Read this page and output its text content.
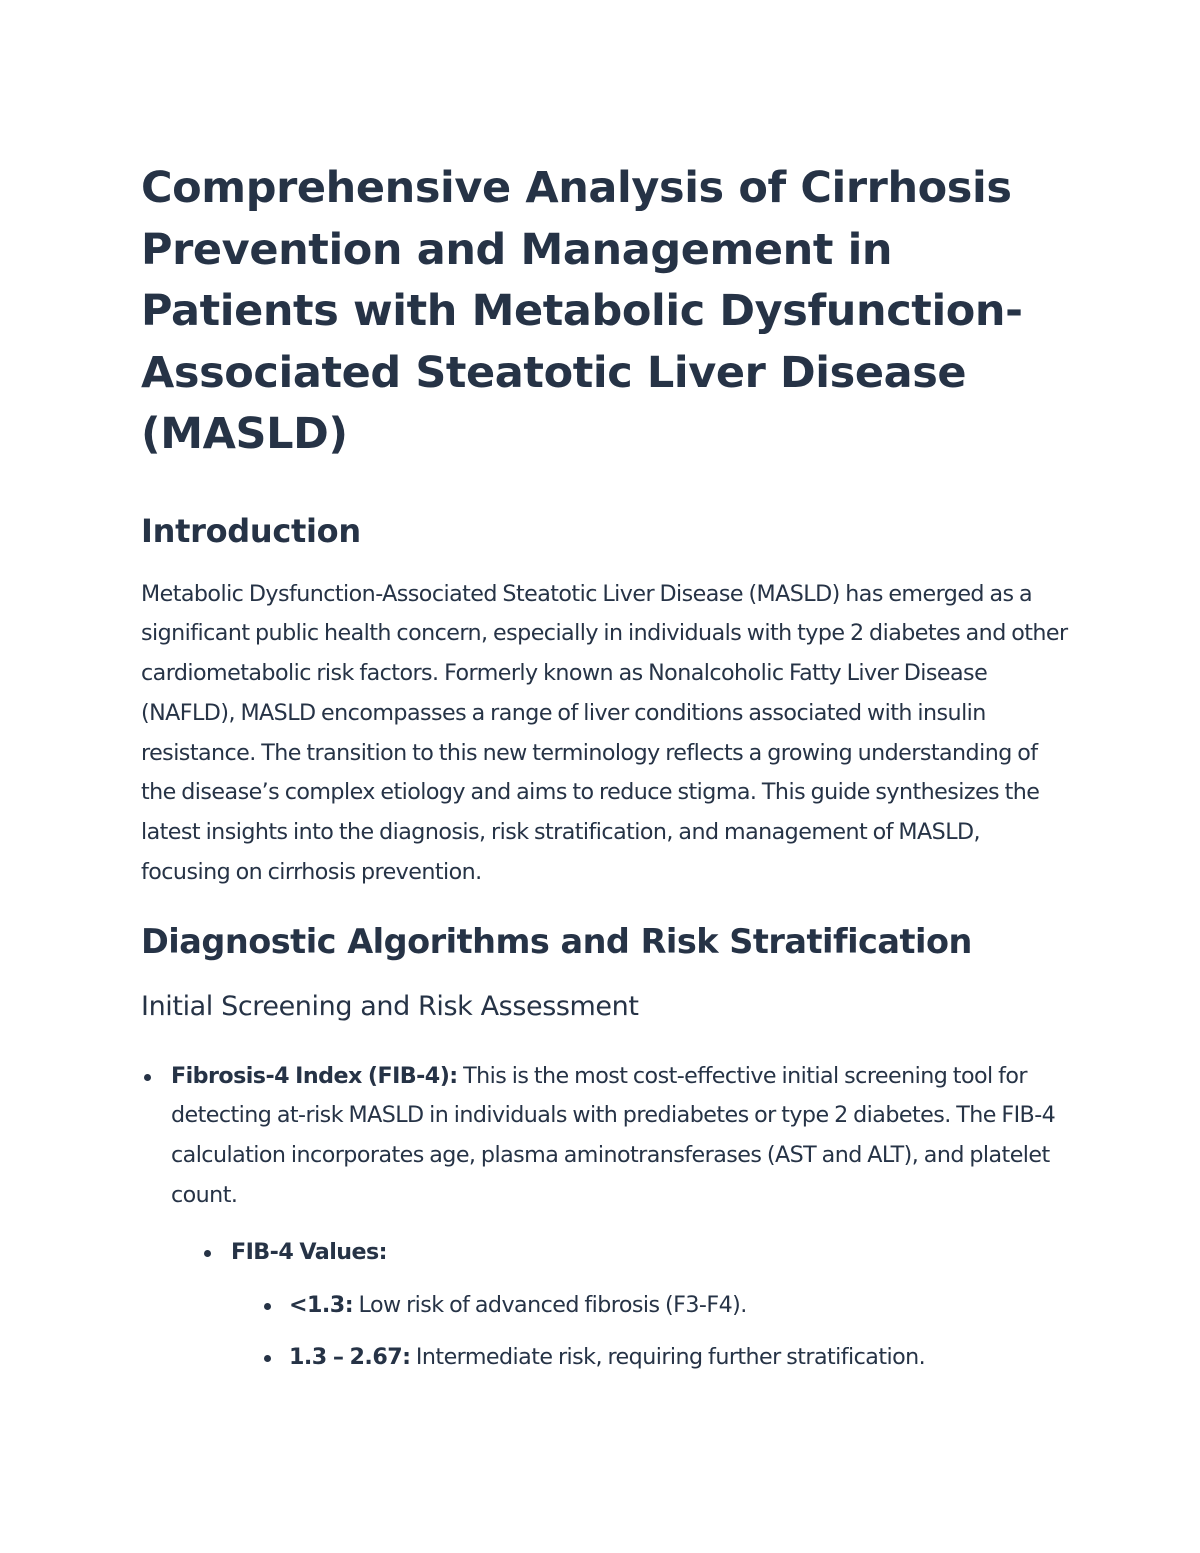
Comprehensive Analysis of Cirrhosis Prevention and Management in Patients with Metabolic Dysfunction-Associated Steatotic Liver Disease (MASLD)
Introduction

Metabolic Dysfunction-Associated Steatotic Liver Disease (MASLD) has emerged as a significant public health concern, especially in individuals with type 2 diabetes and other cardiometabolic risk factors. Formerly known as Nonalcoholic Fatty Liver Disease (NAFLD), MASLD encompasses a range of liver conditions associated with insulin resistance. The transition to this new terminology reflects a growing understanding of the disease’s complex etiology and aims to reduce stigma. This guide synthesizes the latest insights into the diagnosis, risk stratification, and management of MASLD, focusing on cirrhosis prevention.

Diagnostic Algorithms and Risk Stratification
Initial Screening and Risk Assessment
Fibrosis-4 Index (FIB-4): This is the most cost-effective initial screening tool for detecting at-risk MASLD in individuals with prediabetes or type 2 diabetes. The FIB-4 calculation incorporates age, plasma aminotransferases (AST and ALT), and platelet count.
FIB-4 Values:
<1.3: Low risk of advanced fibrosis (F3-F4).
1.3 – 2.67: Intermediate risk, requiring further stratification.
